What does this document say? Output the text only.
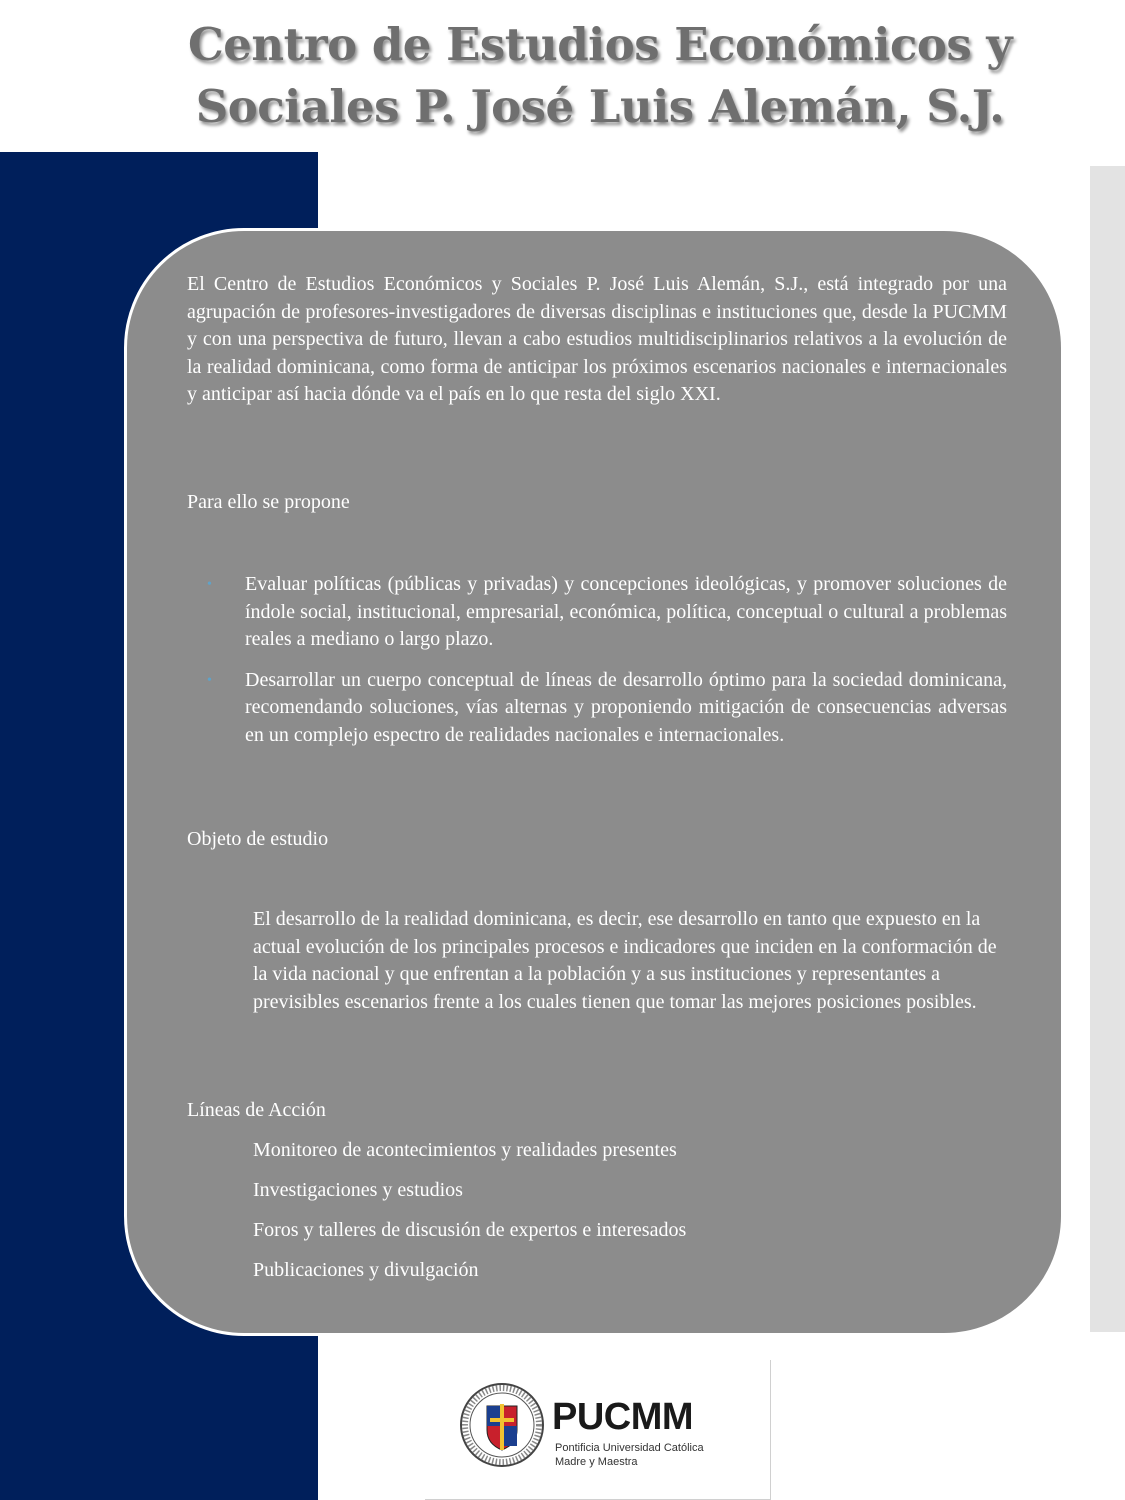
Centro de Estudios Económicos y
Sociales P. José Luis Alemán, S.J.

El Centro de Estudios Económicos y Sociales P. José Luis Alemán, S.J., está integrado por una agrupación de profesores-investigadores de diversas disciplinas e instituciones que, desde la PUCMM y con una perspectiva de futuro, llevan a cabo estudios multidisciplinarios relativos a la evolución de la realidad dominicana, como forma de anticipar los próximos escenarios nacionales e internacionales y anticipar así hacia dónde va el país en lo que resta del siglo XXI.

Para ello se propone

• Evaluar políticas (públicas y privadas) y concepciones ideológicas, y promover soluciones de índole social, institucional, empresarial, económica, política, conceptual o cultural a problemas reales a mediano o largo plazo.
• Desarrollar un cuerpo conceptual de líneas de desarrollo óptimo para la sociedad dominicana, recomendando soluciones, vías alternas y proponiendo mitigación de consecuencias adversas en un complejo espectro de realidades nacionales e internacionales.

Objeto de estudio

El desarrollo de la realidad dominicana, es decir, ese desarrollo en tanto que expuesto en la actual evolución de los principales procesos e indicadores que inciden en la conformación de la vida nacional y que enfrentan a la población y a sus instituciones y representantes a previsibles escenarios frente a los cuales tienen que tomar las mejores posiciones posibles.

Líneas de Acción

Monitoreo de acontecimientos y realidades presentes
Investigaciones y estudios
Foros y talleres de discusión de expertos e interesados
Publicaciones y divulgación
PUCMM
Pontificia Universidad Católica
Madre y Maestra
